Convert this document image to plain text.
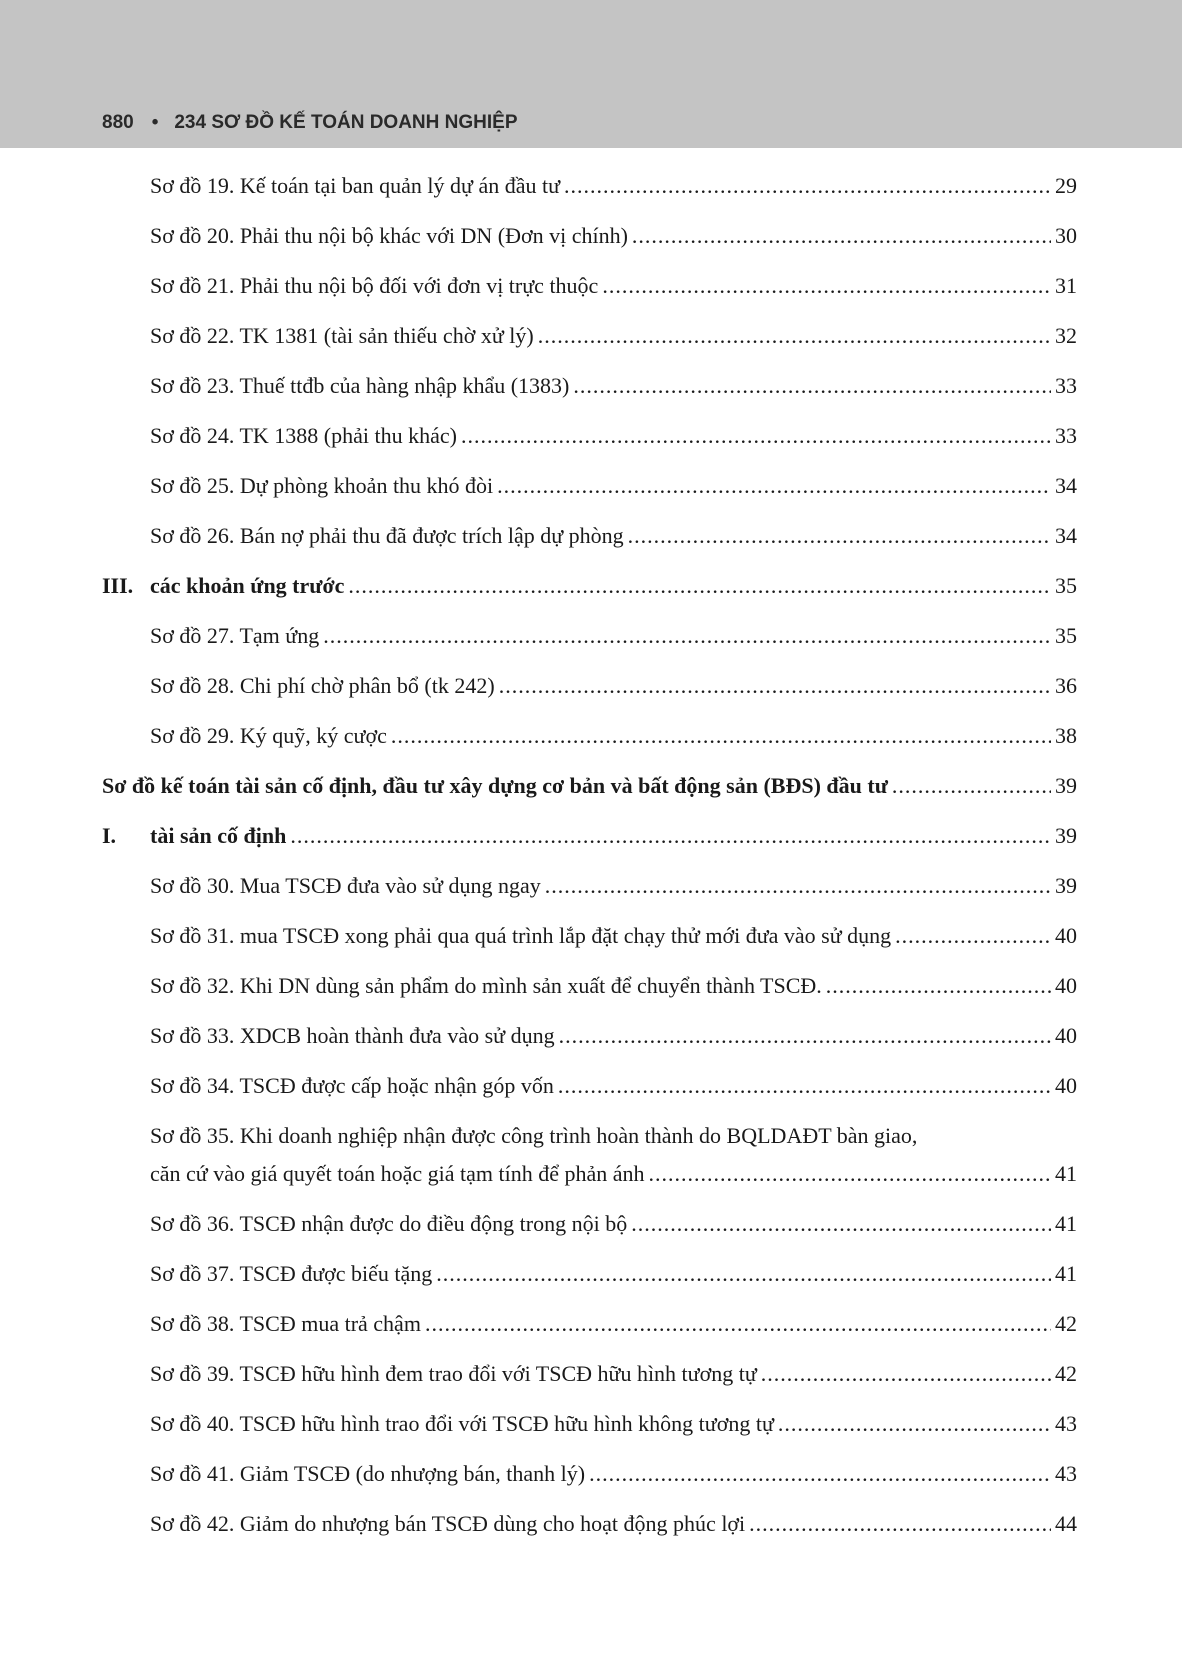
880 • 234 SƠ ĐỒ KẾ TOÁN DOANH NGHIỆP
Sơ đồ 19. Kế toán tại ban quản lý dự án đầu tư .....	29
Sơ đồ 20. Phải thu nội bộ khác với DN (Đơn vị chính) .....	30
Sơ đồ 21. Phải thu nội bộ đối với đơn vị trực thuộc .....	31
Sơ đồ 22. TK 1381 (tài sản thiếu chờ xử lý) .....	32
Sơ đồ 23. Thuế ttđb của hàng nhập khẩu (1383) .....	33
Sơ đồ 24. TK 1388 (phải thu khác) .....	33
Sơ đồ 25. Dự phòng khoản thu khó đòi .....	34
Sơ đồ 26. Bán nợ phải thu đã được trích lập dự phòng .....	34
III. các khoản ứng trước .....	35
Sơ đồ 27. Tạm ứng .....	35
Sơ đồ 28. Chi phí chờ phân bổ (tk 242) .....	36
Sơ đồ 29. Ký quỹ, ký cược .....	38
Sơ đồ kế toán tài sản cố định, đầu tư xây dựng cơ bản và bất động sản (BĐS) đầu tư .....	39
I.	tài sản cố định .....	39
Sơ đồ 30. Mua TSCĐ đưa vào sử dụng ngay .....	39
Sơ đồ 31. mua TSCĐ xong phải qua quá trình lắp đặt chạy thử mới đưa vào sử dụng .....	40
Sơ đồ 32. Khi DN dùng sản phẩm do mình sản xuất để chuyển thành TSCĐ. .....	40
Sơ đồ 33. XDCB hoàn thành đưa vào sử dụng .....	40
Sơ đồ 34. TSCĐ được cấp hoặc nhận góp vốn .....	40
Sơ đồ 35. Khi doanh nghiệp nhận được công trình hoàn thành do BQLDAĐT bàn giao,
căn cứ vào giá quyết toán hoặc giá tạm tính để phản ánh .....	41
Sơ đồ 36. TSCĐ nhận được do điều động trong nội bộ .....	41
Sơ đồ 37. TSCĐ được biếu tặng .....	41
Sơ đồ 38. TSCĐ mua trả chậm .....	42
Sơ đồ 39. TSCĐ hữu hình đem trao đổi với TSCĐ hữu hình tương tự .....	42
Sơ đồ 40. TSCĐ hữu hình trao đổi với TSCĐ hữu hình không tương tự .....	43
Sơ đồ 41. Giảm TSCĐ (do nhượng bán, thanh lý) .....	43
Sơ đồ 42. Giảm do nhượng bán TSCĐ dùng cho hoạt động phúc lợi .....	44
